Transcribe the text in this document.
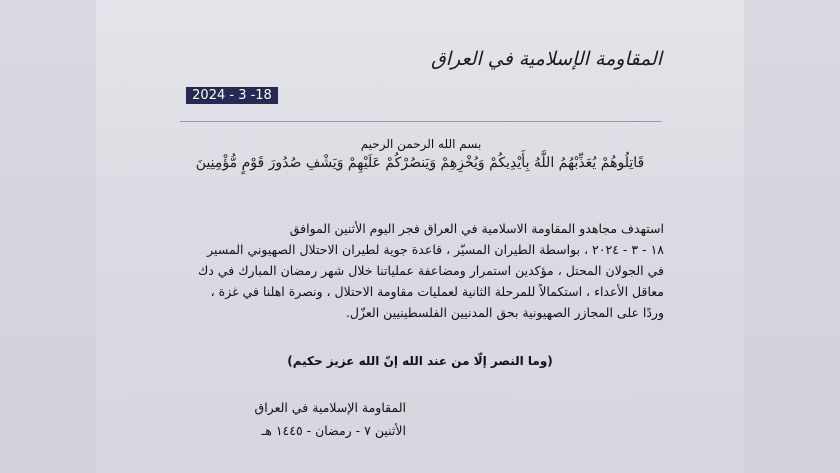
المقاومة الإسلامية في العراق
2024 - 3 -18
بسم الله الرحمن الرحيم
قَاتِلُوهُمْ يُعَذِّبْهُمُ اللَّهُ بِأَيْدِيكُمْ وَيُخْزِهِمْ وَيَنصُرْكُمْ عَلَيْهِمْ وَيَشْفِ صُدُورَ قَوْمٍ مُّؤْمِنِينَ
استهدف مجاهدو المقاومة الاسلامية في العراق فجر اليوم الأثنين الموافق
١٨ - ٣ - ٢٠٢٤ ، بواسطة الطيران المسيّر ، قاعدة جوية لطيران الاحتلال الصهيوني المسير
في الجولان المحتل ، مؤكدين استمرار ومضاعفة عملياتنا خلال شهر رمضان المبارك في دك
معاقل الأعداء ، استكمالاً للمرحلة الثانية لعمليات مقاومة الاحتلال ، ونصرة اهلنا في غزة ،
وردًا على المجازر الصهيونية بحق المدنيين الفلسطينيين العزّل.
(وما النصر إلّا من عند الله إنّ الله عزيز حكيم)
المقاومة الإسلامية في العراق
الأثنين ٧ - رمضان - ١٤٤٥ هـ
